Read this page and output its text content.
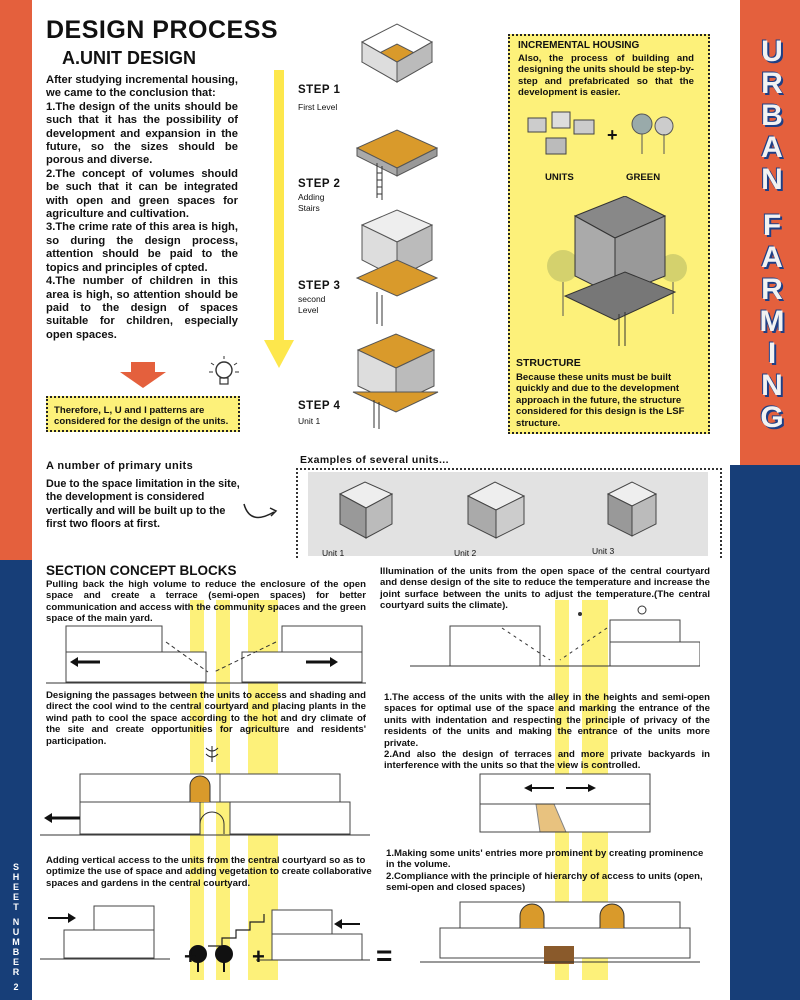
U
R
B
A
N
F
A
R
M
I
N
G
S
H
E
E
T
N
U
M
B
E
R
2
DESIGN PROCESS
A.UNIT DESIGN
After studying incremental housing, we came to the conclusion that:
1.The design of the units should be such that it has the possibility of development and expansion in the future, so the sizes should be porous and diverse.
2.The concept of volumes should be such that it can be integrated with open and green spaces for agriculture and cultivation.
3.The crime rate of this area is high, so during the design process, attention should be paid to the topics and principles of cpted.
4.The number of children in this area is high, so attention should be paid to the design of spaces suitable for children, especially open spaces.
Therefore, L, U and I patterns are considered for the design of the units.
STEP 1
First Level
STEP 2
Adding Stairs
STEP 3
second Level
STEP 4
Unit 1
INCREMENTAL HOUSING
Also, the process of building and designing the units should be step-by-step and prefabricated so that the development is easier.
+
UNITS	GREEN
STRUCTURE
Because these units must be built quickly and due to the development approach in the future, the structure considered for this design is the LSF structure.
A number of primary units
Due to the space limitation in the site, the development is considered vertically and will be built up to the first two floors at first.
Examples of several units...
Unit 1	Unit 2	Unit 3
SECTION CONCEPT BLOCKS
Pulling back the high volume to reduce the enclosure of the open space and create a terrace (semi-open spaces) for better communication and access with the community spaces and the green space of the main yard.
Illumination of the units from the open space of the central courtyard and dense design of the site to reduce the temperature and increase the joint surface between the units to adjust the temperature.(The central courtyard suits the climate).
Designing the passages between the units to access and shading and direct the cool wind to the central courtyard and placing plants in the wind path to cool the space according to the hot and dry climate of the site and create opportunities for agriculture and residents' participation.
1.The access of the units with the alley in the heights and semi-open spaces for optimal use of the space and marking the entrance of the units with indentation and respecting the principle of privacy of the residents of the units and making the entrance of the units more private.
2.And also the design of terraces and more private backyards in interference with the units so that the view is controlled.
Adding vertical access to the units from the central courtyard so as to optimize the use of space and adding vegetation to create collaborative spaces and gardens in the central courtyard.
1.Making some units' entries more prominent by creating prominence in the volume.
2.Compliance with the principle of hierarchy of access to units (open, semi-open and closed spaces)
+	+	=
